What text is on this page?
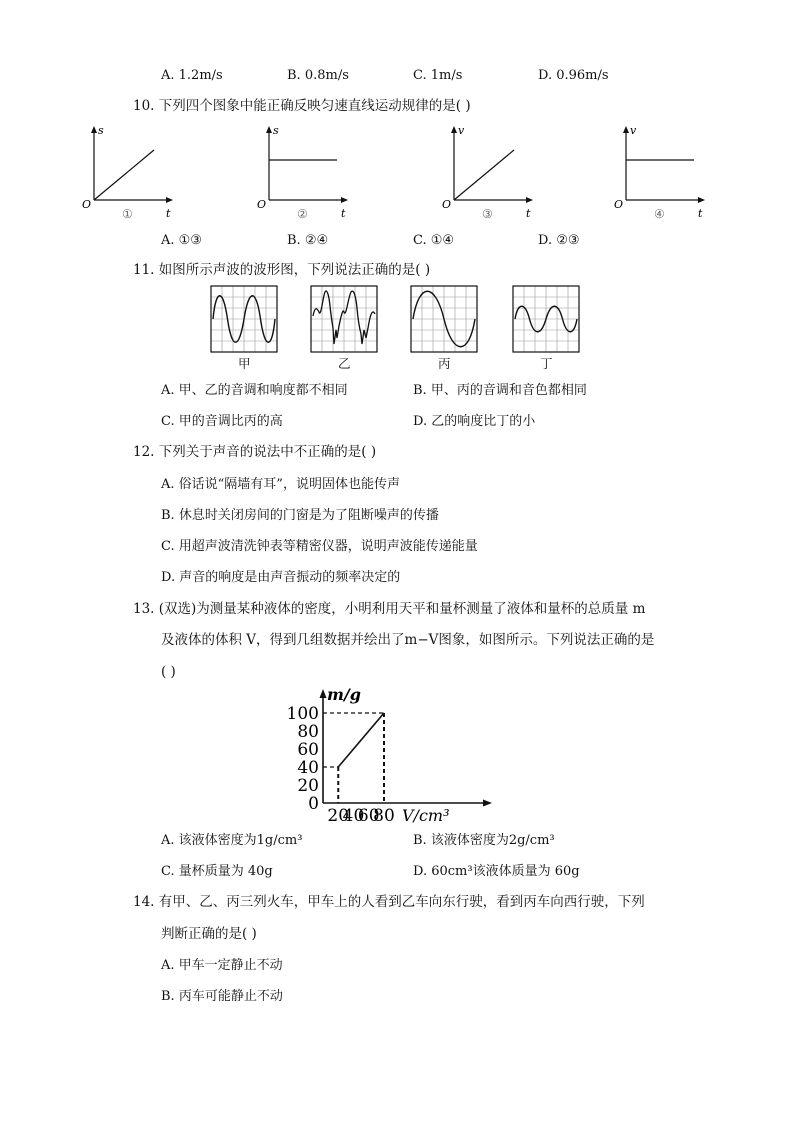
A. 1.2m/s	B. 0.8m/s	C. 1m/s	D. 0.96m/s
10. 下列四个图象中能正确反映匀速直线运动规律的是( )
s
t
O
①
s
t
O
②
v
t
O
③
v
t
O
④
A. ①③	B. ②④	C. ①④	D. ②③
11. 如图所示声波的波形图，下列说法正确的是( )
甲	乙	丙	丁
A. 甲、乙的音调和响度都不相同	B. 甲、丙的音调和音色都相同
C. 甲的音调比丙的高	D. 乙的响度比丁的小
12. 下列关于声音的说法中不正确的是( )
A. 俗话说“隔墙有耳”，说明固体也能传声
B. 休息时关闭房间的门窗是为了阻断噪声的传播
C. 用超声波清洗钟表等精密仪器，说明声波能传递能量
D. 声音的响度是由声音振动的频率决定的
13. (双选)为测量某种液体的密度，小明利用天平和量杯测量了液体和量杯的总质量 m
及液体的体积 V，得到几组数据并绘出了m−V图象，如图所示。下列说法正确的是
( )
0
20
40
60
80
100
20
40
60
80
m/g
V/cm³
A. 该液体密度为1g/cm³	B. 该液体密度为2g/cm³
C. 量杯质量为 40g	D. 60cm³该液体质量为 60g
14. 有甲、乙、丙三列火车，甲车上的人看到乙车向东行驶，看到丙车向西行驶，下列
判断正确的是( )
A. 甲车一定静止不动
B. 丙车可能静止不动
